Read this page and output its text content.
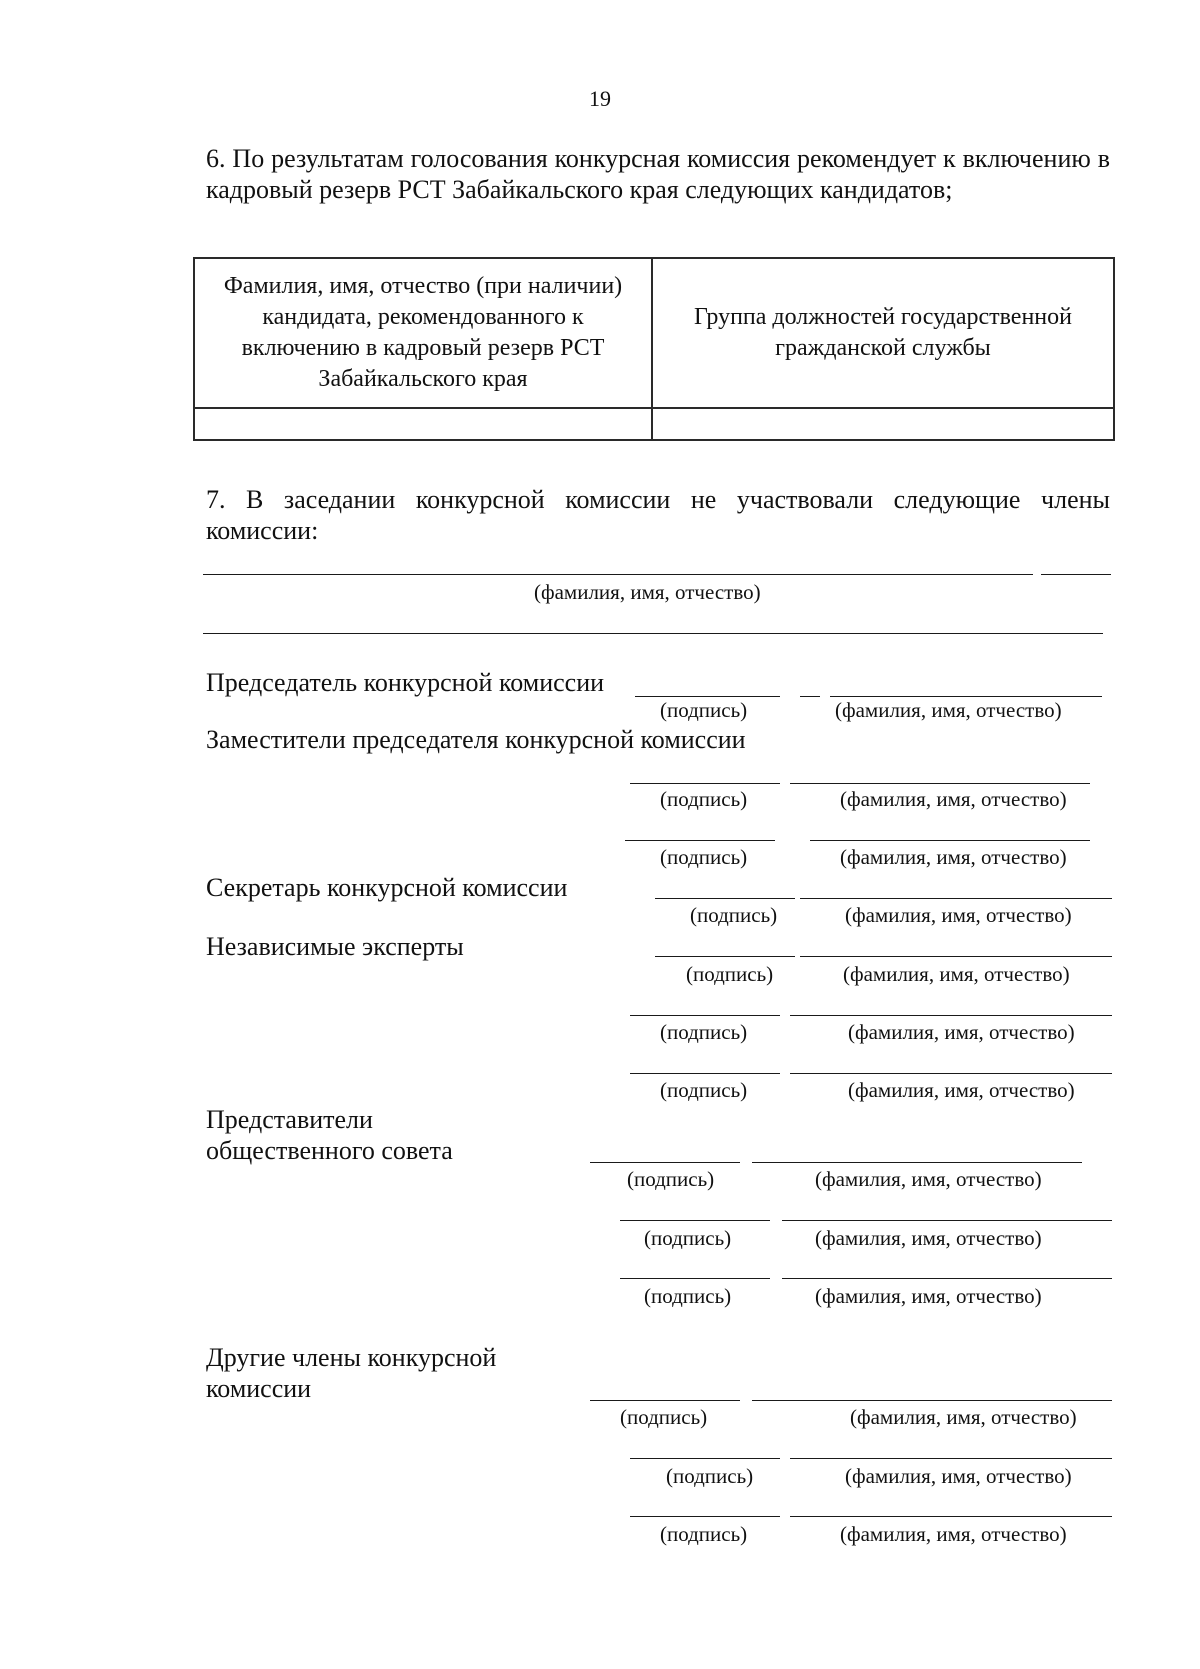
19
6. По результатам голосования конкурсная комиссия рекомендует к включению в кадровый резерв РСТ Забайкальского края следующих кандидатов;
Фамилия, имя, отчество (при наличии) кандидата, рекомендованного к включению в кадровый резерв РСТ Забайкальского края	Группа должностей государственной гражданской службы

7. В заседании конкурсной комиссии не участвовали следующие члены комиссии:
(фамилия, имя, отчество)
Председатель конкурсной комиссии
(подпись)	(фамилия, имя, отчество)
Заместители председателя конкурсной комиссии
(подпись)	(фамилия, имя, отчество)
(подпись)	(фамилия, имя, отчество)
Секретарь конкурсной комиссии
(подпись)	(фамилия, имя, отчество)
Независимые эксперты
(подпись)	(фамилия, имя, отчество)
(подпись)	(фамилия, имя, отчество)
(подпись)	(фамилия, имя, отчество)
Представители общественного совета
(подпись)	(фамилия, имя, отчество)
(подпись)	(фамилия, имя, отчество)
(подпись)	(фамилия, имя, отчество)
Другие члены конкурсной комиссии
(подпись)	(фамилия, имя, отчество)
(подпись)	(фамилия, имя, отчество)
(подпись)	(фамилия, имя, отчество)
